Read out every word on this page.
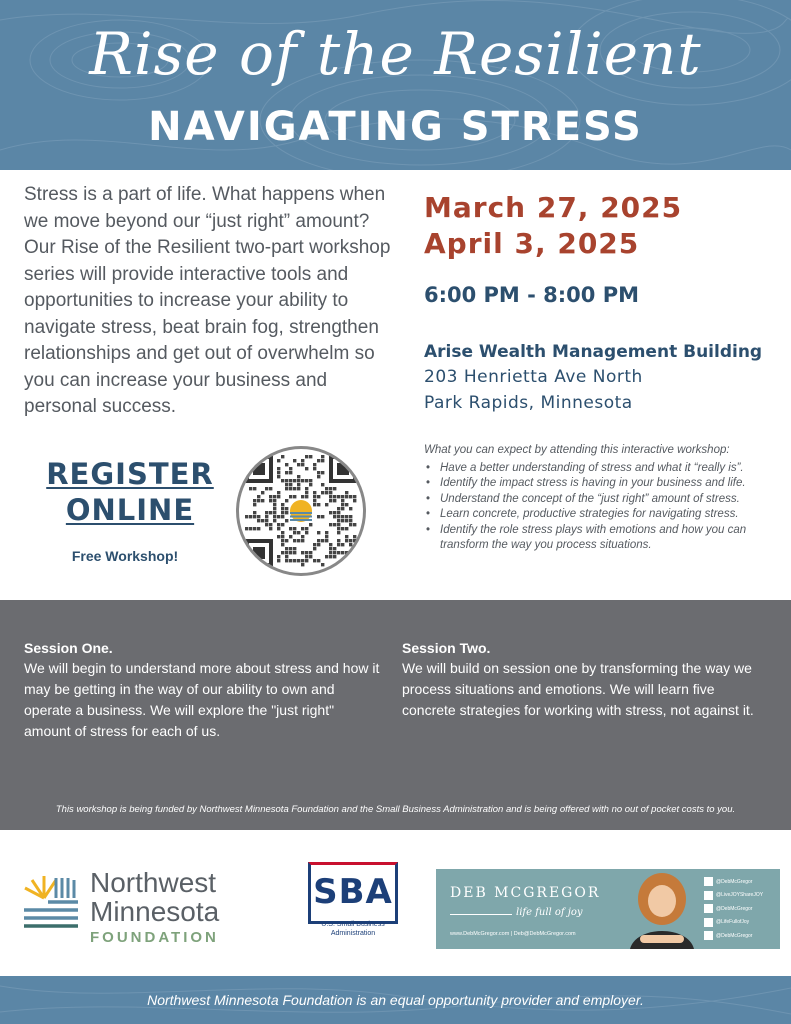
Rise of the Resilient
NAVIGATING STRESS
Stress is a part of life. What happens when we move beyond our “just right” amount? Our Rise of the Resilient two-part workshop series will provide interactive tools and opportunities to increase your ability to navigate stress, beat brain fog, strengthen relationships and get out of overwhelm so you can increase your business and personal success.
March 27, 2025
April 3, 2025
6:00 PM - 8:00 PM
Arise Wealth Management Building
203 Henrietta Ave North
Park Rapids, Minnesota
What you can expect by attending this interactive workshop:
• Have a better understanding of stress and what it “really is”.
• Identify the impact stress is having in your business and life.
• Understand the concept of the “just right” amount of stress.
• Learn concrete, productive strategies for navigating stress.
• Identify the role stress plays with emotions and how you can transform the way you process situations.
REGISTER
ONLINE
Free Workshop!
Session One.
We will begin to understand more about stress and how it may be getting in the way of our ability to own and operate a business. We will explore the "just right" amount of stress for each of us.
Session Two.
We will build on session one by transforming the way we process situations and emotions. We will learn five concrete strategies for working with stress, not against it.
This workshop is being funded by Northwest Minnesota Foundation and the Small Business Administration and is being offered with no out of pocket costs to you.
Northwest
Minnesota
FOUNDATION
SBA
U.S. Small Business
Administration
DEB MCGREGOR
life full of joy
www.DebMcGregor.com | Deb@DebMcGregor.com
@DebMcGregor
@LiveJOYShareJOY
@DebMcGregor
@LifeFullofJoy
@DebMcGregor
Northwest Minnesota Foundation is an equal opportunity provider and employer.
